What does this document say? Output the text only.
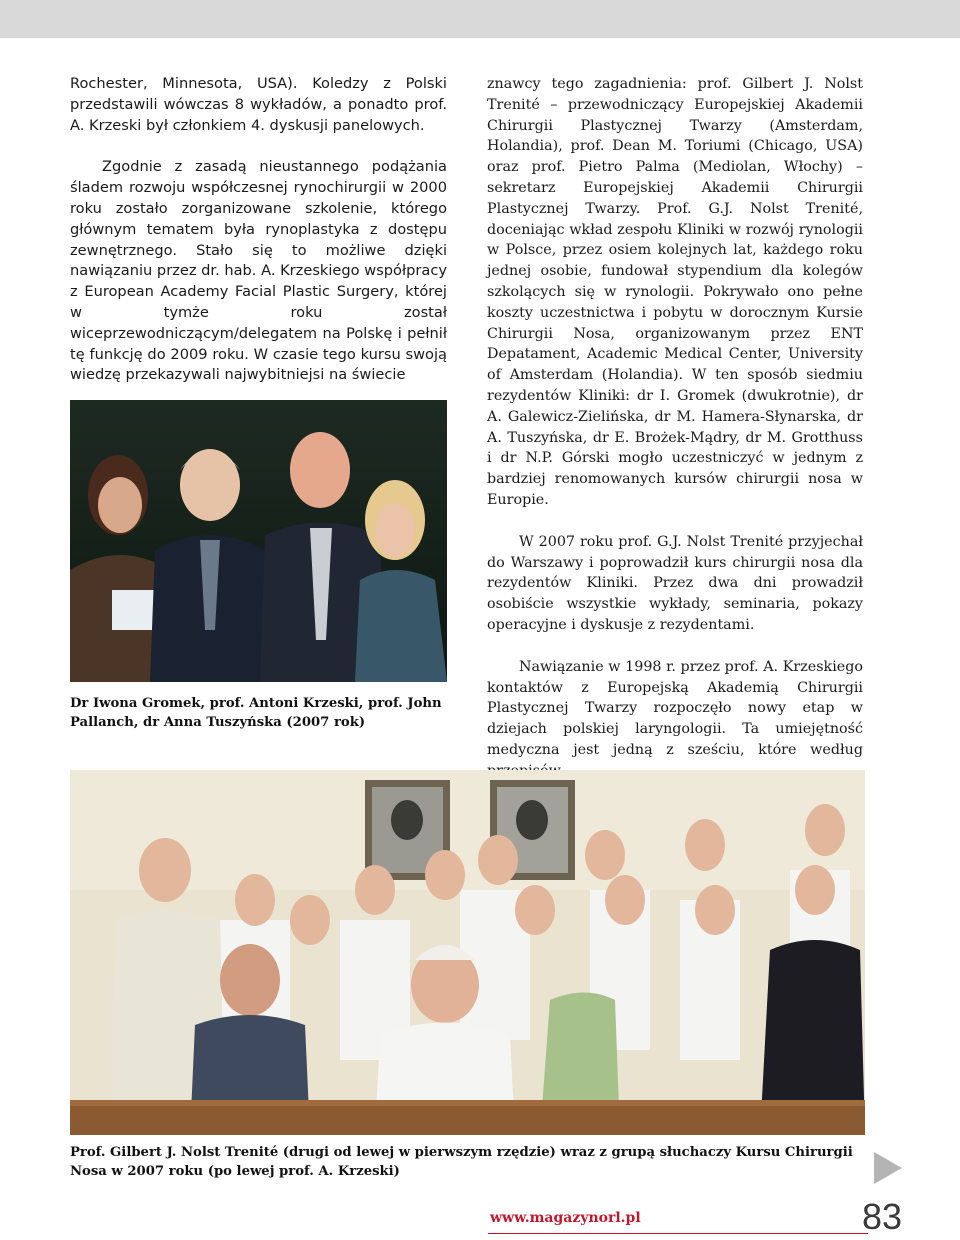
Rochester, Minnesota, USA). Koledzy z Polski przedstawili wówczas 8 wykładów, a ponadto prof. A. Krzeski był członkiem 4. dyskusji panelowych.

Zgodnie z zasadą nieustannego podążania śladem rozwoju współczesnej rynochirurgii w 2000 roku zostało zorganizowane szkolenie, którego głównym tematem była rynoplastyka z dostępu zewnętrznego. Stało się to możliwe dzięki nawiązaniu przez dr. hab. A. Krzeskiego współpracy z European Academy Facial Plastic Surgery, której w tymże roku został wiceprzewodniczącym/delegatem na Polskę i pełnił tę funkcję do 2009 roku. W czasie tego kursu swoją wiedzę przekazywali najwybitniejsi na świecie

znawcy tego zagadnienia: prof. Gilbert J. Nolst Trenité – przewodniczący Europejskiej Akademii Chirurgii Plastycznej Twarzy (Amsterdam, Holandia), prof. Dean M. Toriumi (Chicago, USA) oraz prof. Pietro Palma (Mediolan, Włochy) – sekretarz Europejskiej Akademii Chirurgii Plastycznej Twarzy. Prof. G.J. Nolst Trenité, doceniając wkład zespołu Kliniki w rozwój rynologii w Polsce, przez osiem kolejnych lat, każdego roku jednej osobie, fundował stypendium dla kolegów szkolących się w rynologii. Pokrywało ono pełne koszty uczestnictwa i pobytu w dorocznym Kursie Chirurgii Nosa, organizowanym przez ENT Depatament, Academic Medical Center, University of Amsterdam (Holandia). W ten sposób siedmiu rezydentów Kliniki: dr I. Gromek (dwukrotnie), dr A. Galewicz-Zielińska, dr M. Hamera-Słynarska, dr A. Tuszyńska, dr E. Brożek-Mądry, dr M. Grotthuss i dr N.P. Górski mogło uczestniczyć w jednym z bardziej renomowanych kursów chirurgii nosa w Europie.

W 2007 roku prof. G.J. Nolst Trenité przyjechał do Warszawy i poprowadził kurs chirurgii nosa dla rezydentów Kliniki. Przez dwa dni prowadził osobiście wszystkie wykłady, seminaria, pokazy operacyjne i dyskusje z rezydentami.

Nawiązanie w 1998 r. przez prof. A. Krzeskiego kontaktów z Europejską Akademią Chirurgii Plastycznej Twarzy rozpoczęło nowy etap w dziejach polskiej laryngologii. Ta umiejętność medyczna jest jedną z sześciu, które według

Dr Iwona Gromek, prof. Antoni Krzeski, prof. John Pallanch, dr Anna Tuszyńska (2007 rok)
Prof. Gilbert J. Nolst Trenité (drugi od lewej w pierwszym rzędzie) wraz z grupą słuchaczy Kursu Chirurgii Nosa w 2007 roku (po lewej prof. A. Krzeski)
www.magazynorl.pl	83
